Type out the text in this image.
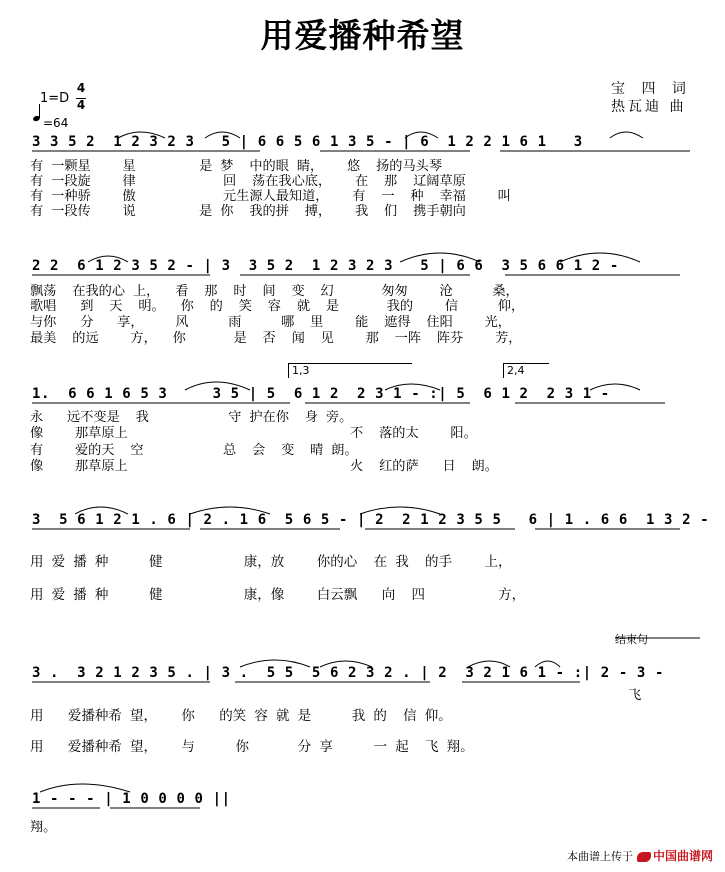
用爱播种希望
宝 四 词
热瓦迪 曲
1=D
4
4
=64
3 3 5 2  1 2 3 2 3   5 | 6 6 5 6 1 3 5 - | 6  1 2 2 1 6 1   3
有 一颗星    星        是 梦  中的眼 睛，   悠  扬的马头琴
有 一段旋    律           回  荡在我心底，   在  那  辽阔草原
有 一种骄    傲           元生源人最知道，   有  一  种  幸福    叫
有 一段传    说        是 你  我的拼  搏，   我  们  携手朝向
2 2  6 1 2 3 5 2 - | 3  3 5 2  1 2 3 2 3   5 | 6 6  3 5 6 6 1 2 -
飘荡  在我的心 上，  看  那  时  间  变  幻      匆匆    沧     桑，
歌唱   到  天  明。  你  的  笑  容  就  是      我的    信     仰，
与你   分   享，    风     雨     哪  里    能  遮得  住阳    光，
最美  的远    方，  你      是  否  闻  见    那  一阵  阵芬    芳，
1,3	2,4
1.  6 6 1 6 5 3     3 5 | 5  6 1 2  2 3 1 - :| 5  6 1 2  2 3 1 -
永   远不变是  我          守 护在你  身 旁。
像    那草原上                            不  落的太    阳。
有    爱的天  空          总  会  变  晴 朗。
像    那草原上                            火  红的萨   日  朗。
3  5 6 1 2 1 . 6 | 2 . 1 6  5 6 5 - | 2  2 1 2 3 5 5   6 | 1 . 6 6  1 3 2 -
用 爱 播 种     健          康，放    你的心  在 我  的手    上，
用 爱 播 种     健          康，像    白云飘   向  四         方，
结束句
3 .  3 2 1 2 3 5 . | 3 .  5 5  5 6 2 3 2 . | 2  3 2 1 6 1 - :| 2 - 3 -
飞
用   爱播种希 望，   你   的笑 容 就 是     我 的  信 仰。
用   爱播种希 望，   与     你      分 享     一 起  飞 翔。
1 - - - | 1 0 0 0 0 ||
翔。
本曲谱上传于 中国曲谱网
